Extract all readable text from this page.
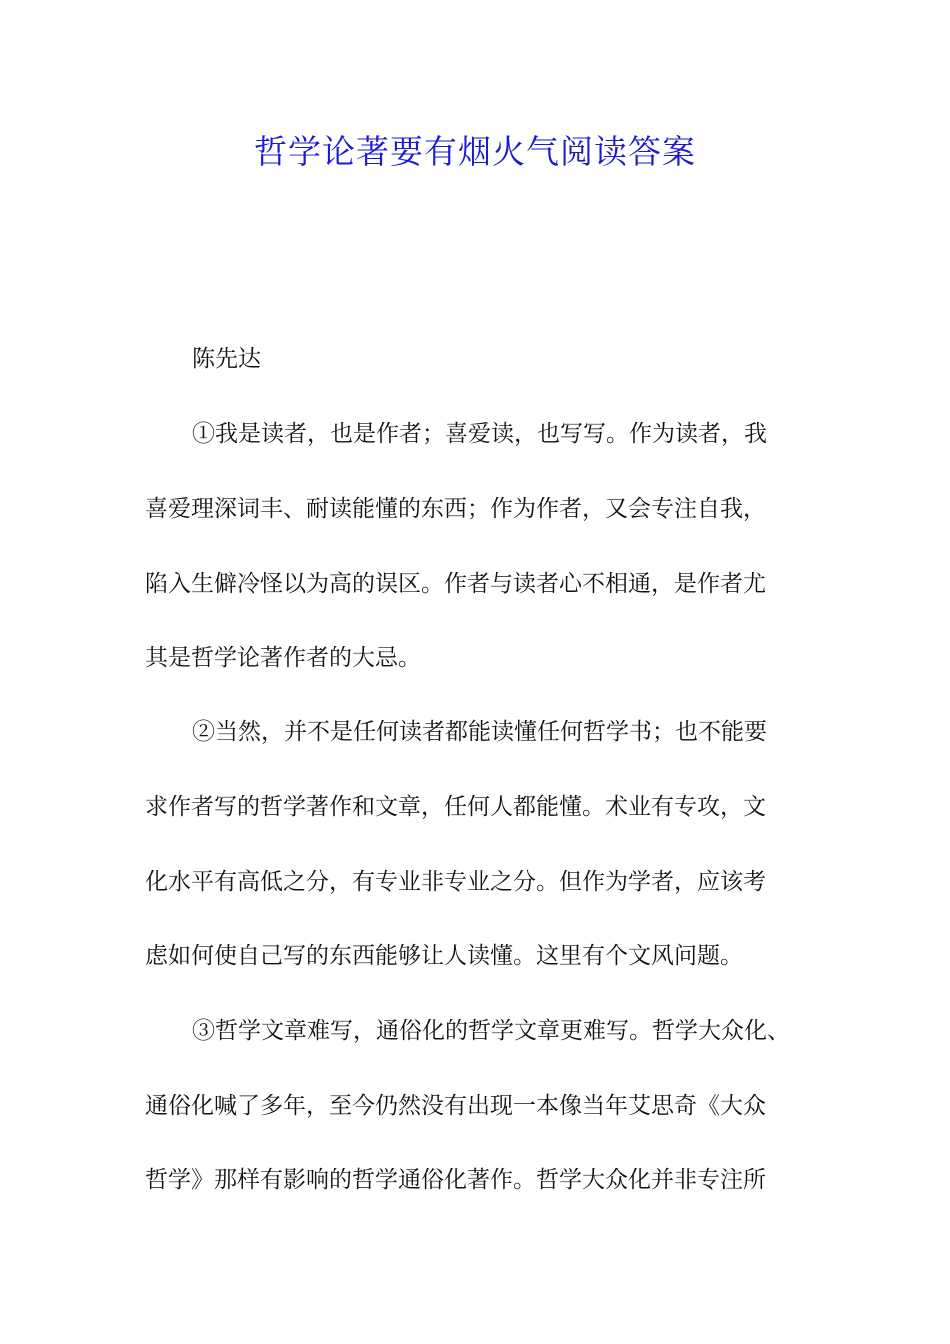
哲学论著要有烟火气阅读答案
陈先达
①我是读者，也是作者；喜爱读，也写写。作为读者，我
喜爱理深词丰、耐读能懂的东西；作为作者，又会专注自我，
陷入生僻冷怪以为高的误区。作者与读者心不相通，是作者尤
其是哲学论著作者的大忌。
②当然，并不是任何读者都能读懂任何哲学书；也不能要
求作者写的哲学著作和文章，任何人都能懂。术业有专攻，文
化水平有高低之分，有专业非专业之分。但作为学者，应该考
虑如何使自己写的东西能够让人读懂。这里有个文风问题。
③哲学文章难写，通俗化的哲学文章更难写。哲学大众化、
通俗化喊了多年，至今仍然没有出现一本像当年艾思奇《大众
哲学》那样有影响的哲学通俗化著作。哲学大众化并非专注所
